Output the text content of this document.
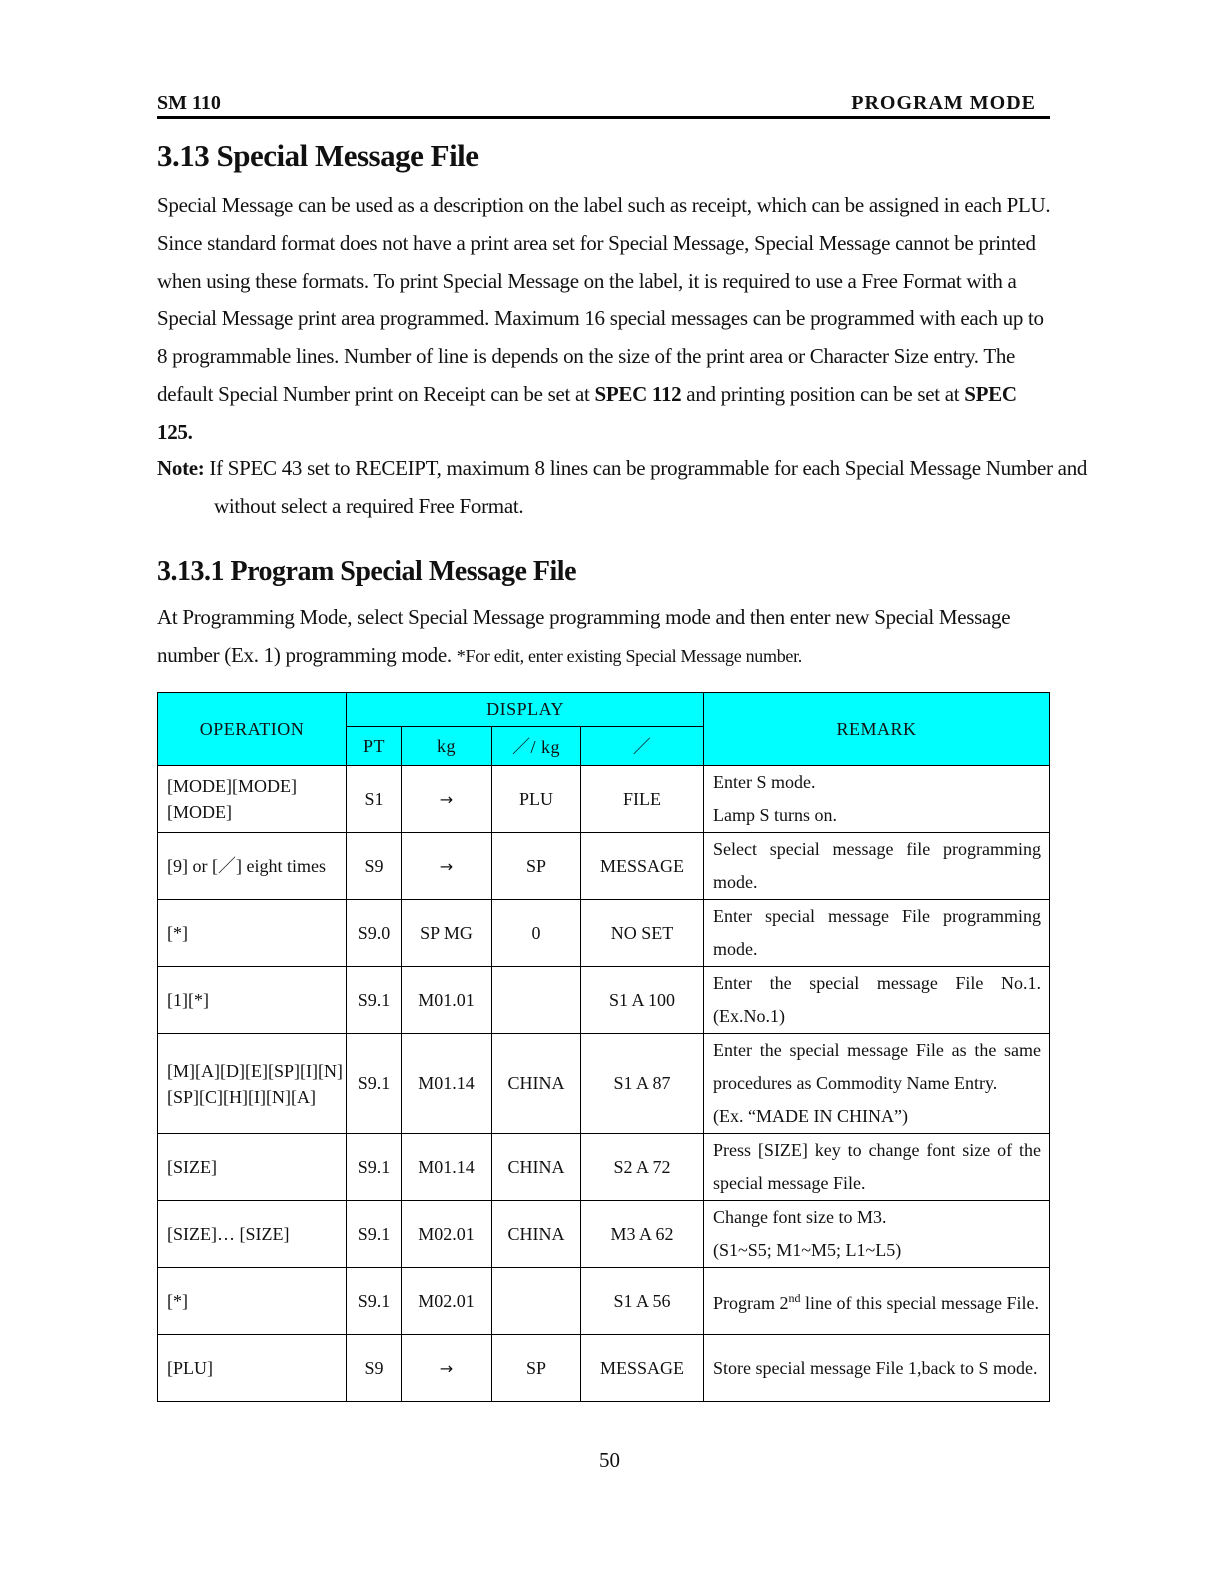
SM 110	PROGRAM MODE
3.13 Special Message File

Special Message can be used as a description on the label such as receipt, which can be assigned in each PLU. Since standard format does not have a print area set for Special Message, Special Message cannot be printed when using these formats. To print Special Message on the label, it is required to use a Free Format with a Special Message print area programmed. Maximum 16 special messages can be programmed with each up to 8 programmable lines. Number of line is depends on the size of the print area or Character Size entry. The default Special Number print on Receipt can be set at SPEC 112 and printing position can be set at SPEC 125.

Note: If SPEC 43 set to RECEIPT, maximum 8 lines can be programmable for each Special Message Number and without select a required Free Format.

3.13.1 Program Special Message File

At Programming Mode, select Special Message programming mode and then enter new Special Message number (Ex. 1) programming mode. *For edit, enter existing Special Message number.

OPERATION	DISPLAY				REMARK
	PT	kg	／/ kg	／	
[MODE][MODE][MODE]	S1	→	PLU	FILE	Enter S mode.
Lamp S turns on.
[9] or [／] eight times	S9	→	SP	MESSAGE	Select special message file programming mode.
[*]	S9.0	SP MG	0	NO SET	Enter special message File programming mode.
[1][*]	S9.1	M01.01		S1 A 100	Enter the special message File No.1.(Ex.No.1)
[M][A][D][E][SP][I][N][SP][C][H][I][N][A]	S9.1	M01.14	CHINA	S1 A 87	Enter the special message File as the same procedures as Commodity Name Entry.
(Ex. “MADE IN CHINA”)
[SIZE]	S9.1	M01.14	CHINA	S2 A 72	Press [SIZE] key to change font size of the special message File.
[SIZE]… [SIZE]	S9.1	M02.01	CHINA	M3 A 62	Change font size to M3.
(S1~S5; M1~M5; L1~L5)
[*]	S9.1	M02.01		S1 A 56	Program 2nd line of this special message File.
[PLU]	S9	→	SP	MESSAGE	Store special message File 1,back to S mode.
50
